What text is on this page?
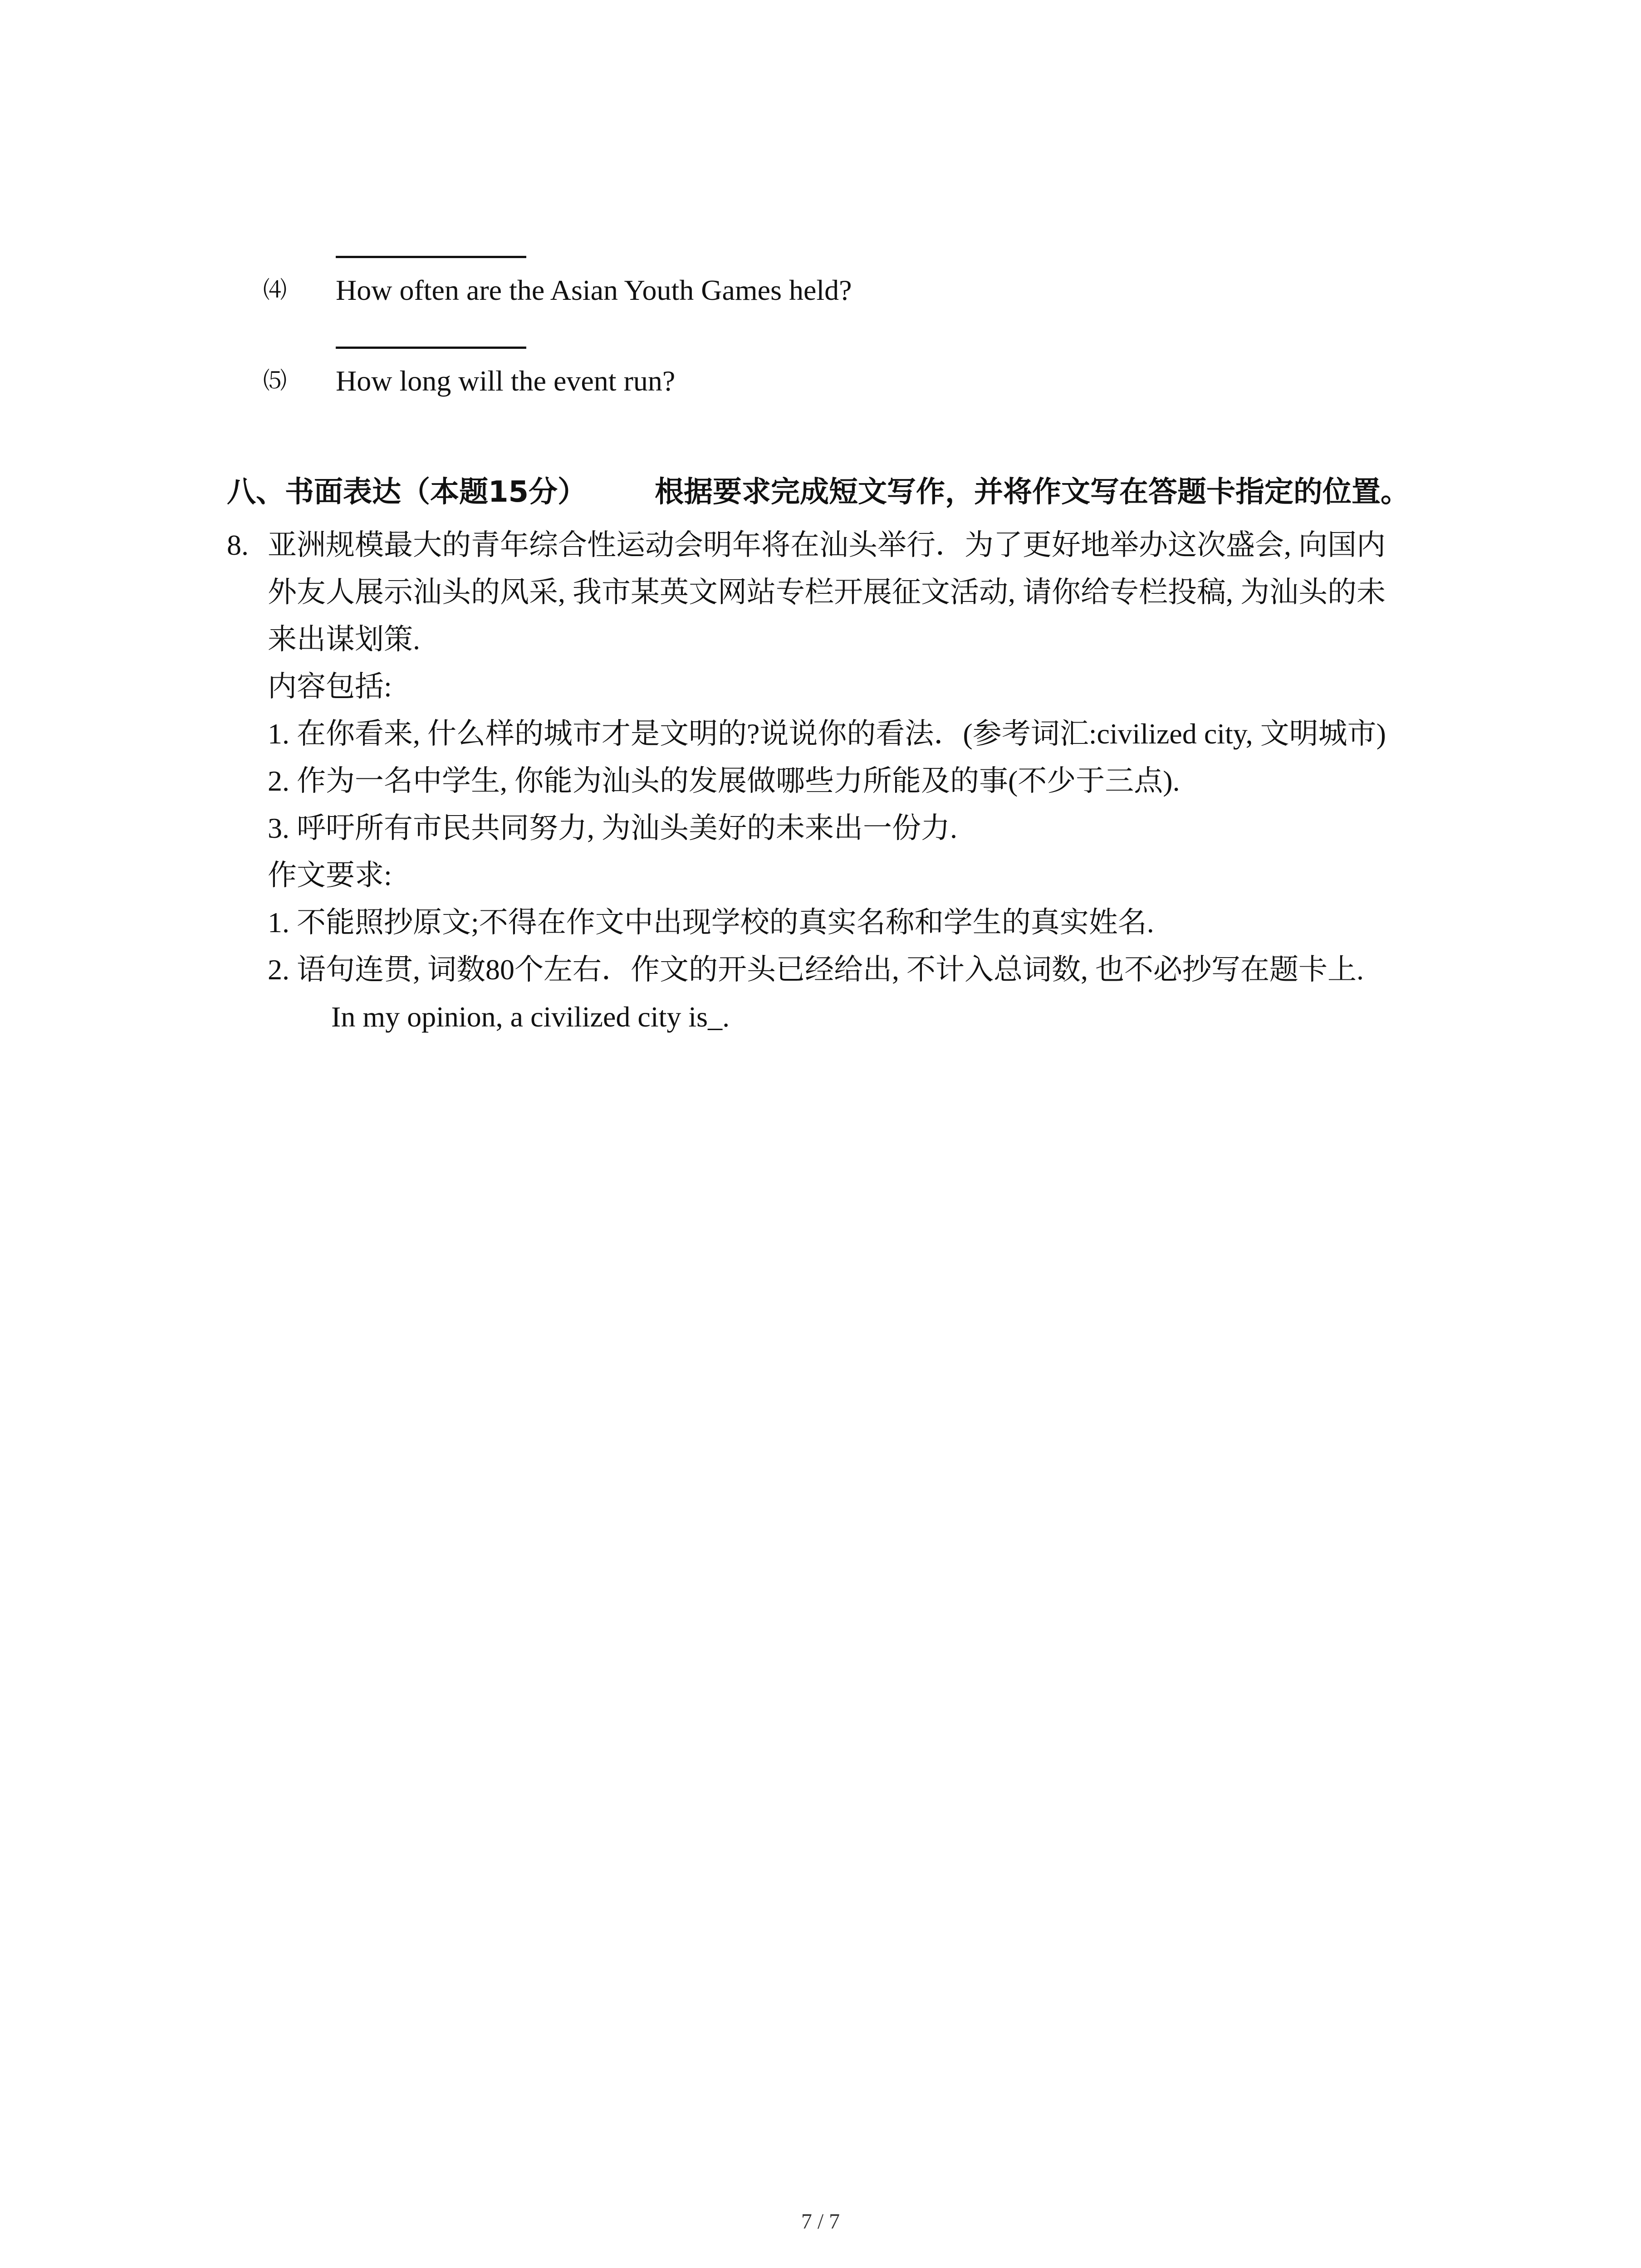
⑷ How often are the Asian Youth Games held?
⑸ How long will the event run?
八、书面表达（本题15分） 根据要求完成短文写作，并将作文写在答题卡指定的位置。
8. 亚洲规模最大的青年综合性运动会明年将在汕头举行．为了更好地举办这次盛会, 向国内
外友人展示汕头的风采, 我市某英文网站专栏开展征文活动, 请你给专栏投稿, 为汕头的未
来出谋划策.
内容包括:
1. 在你看来, 什么样的城市才是文明的?说说你的看法．(参考词汇:civilized city, 文明城市)
2. 作为一名中学生, 你能为汕头的发展做哪些力所能及的事(不少于三点).
3. 呼吁所有市民共同努力, 为汕头美好的未来出一份力.
作文要求:
1. 不能照抄原文;不得在作文中出现学校的真实名称和学生的真实姓名.
2. 语句连贯, 词数80个左右．作文的开头已经给出, 不计入总词数, 也不必抄写在题卡上.
In my opinion, a civilized city is_.
7 / 7
